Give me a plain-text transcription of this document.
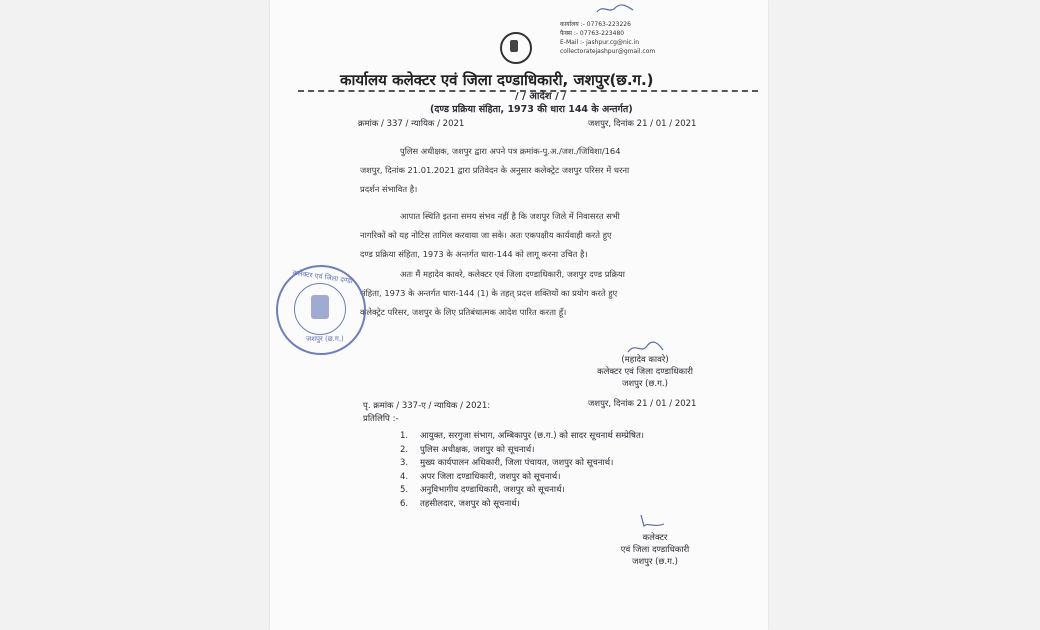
कार्यालय :- 07763-223226
फैक्स :- 07763-223480
E-Mail :- jashpur.cg@nic.in
collectoratejashpur@gmail.com
कार्यालय कलेक्टर एवं जिला दण्डाधिकारी, जशपुर(छ.ग.)
/ / आदेश / /
(दण्ड प्रक्रिया संहिता, 1973 की धारा 144 के अन्तर्गत)
क्रमांक / 337 / न्यायिक / 2021	जशपुर, दिनांक 21 / 01 / 2021

पुलिस अधीक्षक, जशपुर द्वारा अपने पत्र क्रमांक-पु.अ./जश./जिविशा/164

जशपुर, दिनांक 21.01.2021 द्वारा प्रतिवेदन के अनुसार कलेक्ट्रेट जशपुर परिसर में धरना

प्रदर्शन संभावित है।

आपात स्थिति इतना समय संभव नहीं है कि जशपुर जिले में निवासरत सभी

नागरिकों को यह नोटिस तामिल करवाया जा सके। अतः एकपक्षीय कार्यवाही करते हुए

दण्ड प्रक्रिया संहिता, 1973 के अन्तर्गत धारा-144 को लागू करना उचित है।

अतः मैं महादेव कावरे, कलेक्टर एवं जिला दण्डाधिकारी, जशपुर दण्ड प्रक्रिया

संहिता, 1973 के अन्तर्गत धारा-144 (1) के तहत् प्रदत्त शक्तियों का प्रयोग करते हुए

कलेक्ट्रेट परिसर, जशपुर के लिए प्रतिबंधात्मक आदेश पारित करता हूँ।

कलेक्टर एवं जिला दण्डा
जशपुर (छ.ग.)
(महादेव कावरे)
कलेक्टर एवं जिला दण्डाधिकारी
जशपुर (छ.ग.)
पृ. क्रमांक / 337-ए / न्यायिक / 2021:	जशपुर, दिनांक 21 / 01 / 2021
प्रतिलिपि :-
1. आयुक्त, सरगुजा संभाग, अम्बिकापुर (छ.ग.) को सादर सूचनार्थ सम्प्रेषित।
2. पुलिस अधीक्षक, जशपुर को सूचनार्थ।
3. मुख्य कार्यपालन अधिकारी, जिला पंचायत, जशपुर को सूचनार्थ।
4. अपर जिला दण्डाधिकारी, जशपुर को सूचनार्थ।
5. अनुविभागीय दण्डाधिकारी, जशपुर को सूचनार्थ।
6. तहसीलदार, जशपुर को सूचनार्थ।
कलेक्टर
एवं जिला दण्डाधिकारी
जशपुर (छ.ग.)
